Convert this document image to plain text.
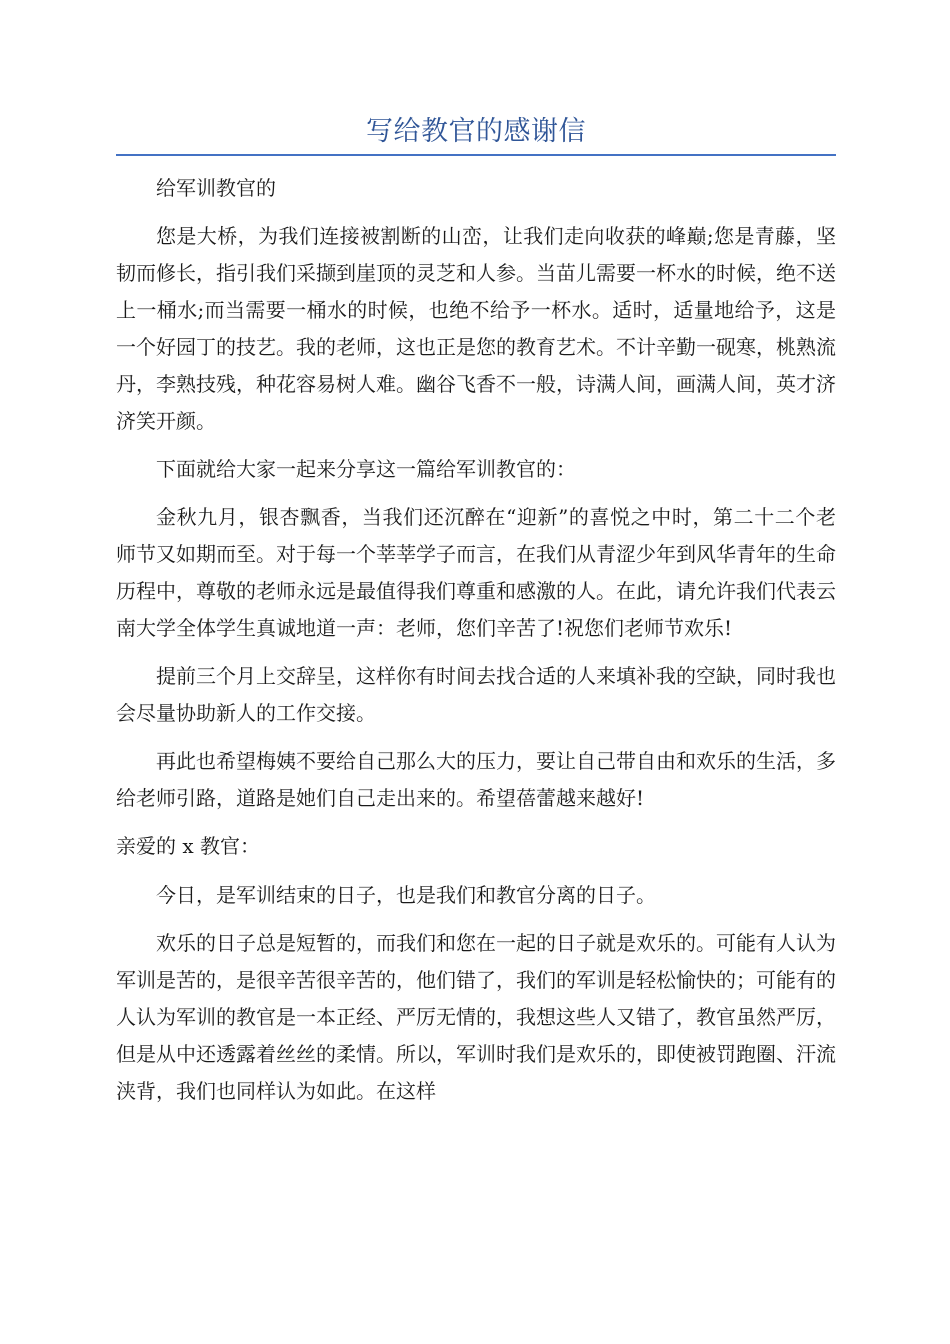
写给教官的感谢信

给军训教官的

您是大桥，为我们连接被割断的山峦，让我们走向收获的峰巅;您是青藤，坚韧而修长，指引我们采撷到崖顶的灵芝和人参。当苗儿需要一杯水的时候，绝不送上一桶水;而当需要一桶水的时候，也绝不给予一杯水。适时，适量地给予，这是一个好园丁的技艺。我的老师，这也正是您的教育艺术。不计辛勤一砚寒，桃熟流丹，李熟技残，种花容易树人难。幽谷飞香不一般，诗满人间，画满人间，英才济济笑开颜。

下面就给大家一起来分享这一篇给军训教官的：

金秋九月，银杏飘香，当我们还沉醉在“迎新”的喜悦之中时，第二十二个老师节又如期而至。对于每一个莘莘学子而言，在我们从青涩少年到风华青年的生命历程中，尊敬的老师永远是最值得我们尊重和感激的人。在此，请允许我们代表云南大学全体学生真诚地道一声：老师，您们辛苦了!祝您们老师节欢乐!

提前三个月上交辞呈，这样你有时间去找合适的人来填补我的空缺，同时我也会尽量协助新人的工作交接。

再此也希望梅姨不要给自己那么大的压力，要让自己带自由和欢乐的生活，多给老师引路，道路是她们自己走出来的。希望蓓蕾越来越好!

亲爱的 x 教官：

今日，是军训结束的日子，也是我们和教官分离的日子。

欢乐的日子总是短暂的，而我们和您在一起的日子就是欢乐的。可能有人认为军训是苦的，是很辛苦很辛苦的，他们错了，我们的军训是轻松愉快的；可能有的人认为军训的教官是一本正经、严厉无情的，我想这些人又错了，教官虽然严厉，但是从中还透露着丝丝的柔情。所以，军训时我们是欢乐的，即使被罚跑圈、汗流浃背，我们也同样认为如此。在这样
